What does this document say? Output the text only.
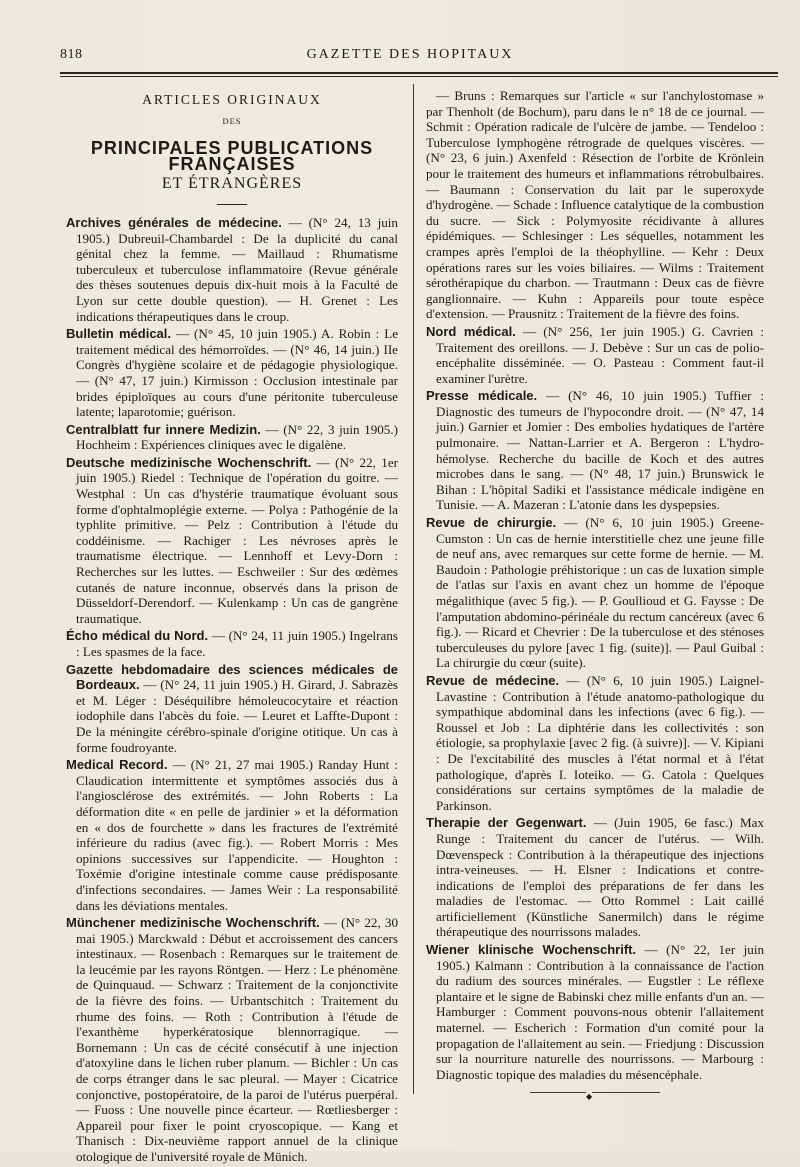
818	GAZETTE DES HOPITAUX
ARTICLES ORIGINAUX
DES
PRINCIPALES PUBLICATIONS FRANÇAISES
ET ÉTRANGÈRES

Archives générales de médecine. — (N° 24, 13 juin 1905.) Dubreuil-Chambardel : De la duplicité du canal génital chez la femme. — Maillaud : Rhumatisme tuberculeux et tuberculose inflammatoire (Revue générale des thèses soutenues depuis dix-huit mois à la Faculté de Lyon sur cette double question). — H. Grenet : Les indications thérapeutiques dans le croup.

Bulletin médical. — (N° 45, 10 juin 1905.) A. Robin : Le traitement médical des hémorroïdes. — (N° 46, 14 juin.) IIe Congrès d'hygiène scolaire et de pédagogie physiologique. — (N° 47, 17 juin.) Kirmisson : Occlusion intestinale par brides épiploïques au cours d'une péritonite tuberculeuse latente; laparotomie; guérison.

Centralblatt fur innere Medizin. — (N° 22, 3 juin 1905.) Hochheim : Expériences cliniques avec le digalène.

Deutsche medizinische Wochenschrift. — (N° 22, 1er juin 1905.) Riedel : Technique de l'opération du goitre. — Westphal : Un cas d'hystérie traumatique évoluant sous forme d'ophtalmoplégie externe. — Polya : Pathogénie de la typhlite primitive. — Pelz : Contribution à l'étude du coddéinisme. — Rachiger : Les névroses après le traumatisme électrique. — Lennhoff et Levy-Dorn : Recherches sur les luttes. — Eschweiler : Sur des œdèmes cutanés de nature inconnue, observés dans la prison de Düsseldorf-Derendorf. — Kulenkamp : Un cas de gangrène traumatique.

Écho médical du Nord. — (N° 24, 11 juin 1905.) Ingelrans : Les spasmes de la face.

Gazette hebdomadaire des sciences médicales de Bordeaux. — (N° 24, 11 juin 1905.) H. Girard, J. Sabrazès et M. Léger : Déséquilibre hémoleucocytaire et réaction iodophile dans l'abcès du foie. — Leuret et Laffte-Dupont : De la méningite cérébro-spinale d'origine otitique. Un cas à forme foudroyante.

Medical Record. — (N° 21, 27 mai 1905.) Randay Hunt : Claudication intermittente et symptômes associés dus à l'angiosclérose des extrémités. — John Roberts : La déformation dite « en pelle de jardinier » et la déformation en « dos de fourchette » dans les fractures de l'extrémité inférieure du radius (avec fig.). — Robert Morris : Mes opinions successives sur l'appendicite. — Houghton : Toxémie d'origine intestinale comme cause prédisposante d'infections secondaires. — James Weir : La responsabilité dans les déviations mentales.

Münchener medizinische Wochenschrift. — (N° 22, 30 mai 1905.) Marckwald : Début et accroissement des cancers intestinaux. — Rosenbach : Remarques sur le traitement de la leucémie par les rayons Röntgen. — Herz : Le phénomène de Quinquaud. — Schwarz : Traitement de la conjonctivite de la fièvre des foins. — Urbantschitch : Traitement du rhume des foins. — Roth : Contribution à l'étude de l'exanthème hyperkératosique blennorragique. — Bornemann : Un cas de cécité consécutif à une injection d'atoxyline dans le lichen ruber planum. — Bichler : Un cas de corps étranger dans le sac pleural. — Mayer : Cicatrice conjonctive, postopératoire, de la paroi de l'utérus puerpéral. — Fuoss : Une nouvelle pince écarteur. — Rœtliesberger : Appareil pour fixer le point cryoscopique. — Kang et Thanisch : Dix-neuvième rapport annuel de la clinique otologique de l'université royale de Münich.

— Bruns : Remarques sur l'article « sur l'anchylostomase » par Thenholt (de Bochum), paru dans le n° 18 de ce journal. — Schmit : Opération radicale de l'ulcère de jambe. — Tendeloo : Tuberculose lymphogène rétrograde de quelques viscères. — (N° 23, 6 juin.) Axenfeld : Résection de l'orbite de Krönlein pour le traitement des humeurs et inflammations rétrobulbaires. — Baumann : Conservation du lait par le superoxyde d'hydrogène. — Schade : Influence catalytique de la combustion du sucre. — Sick : Polymyosite récidivante à allures épidémiques. — Schlesinger : Les séquelles, notamment les crampes après l'emploi de la théophylline. — Kehr : Deux opérations rares sur les voies biliaires. — Wilms : Traitement sérothérapique du charbon. — Trautmann : Deux cas de fièvre ganglionnaire. — Kuhn : Appareils pour toute espèce d'extension. — Prausnitz : Traitement de la fièvre des foins.

Nord médical. — (N° 256, 1er juin 1905.) G. Cavrien : Traitement des oreillons. — J. Debève : Sur un cas de polio-encéphalite disséminée. — O. Pasteau : Comment faut-il examiner l'urètre.

Presse médicale. — (N° 46, 10 juin 1905.) Tuffier : Diagnostic des tumeurs de l'hypocondre droit. — (N° 47, 14 juin.) Garnier et Jomier : Des embolies hydatiques de l'artère pulmonaire. — Nattan-Larrier et A. Bergeron : L'hydro-hémolyse. Recherche du bacille de Koch et des autres microbes dans le sang. — (N° 48, 17 juin.) Brunswick le Bihan : L'hôpital Sadiki et l'assistance médicale indigène en Tunisie. — A. Mazeran : L'atonie dans les dyspepsies.

Revue de chirurgie. — (N° 6, 10 juin 1905.) Greene-Cumston : Un cas de hernie interstitielle chez une jeune fille de neuf ans, avec remarques sur cette forme de hernie. — M. Baudoin : Pathologie préhistorique : un cas de luxation simple de l'atlas sur l'axis en avant chez un homme de l'époque mégalithique (avec 5 fig.). — P. Goullioud et G. Faysse : De l'amputation abdomino-périnéale du rectum cancéreux (avec 6 fig.). — Ricard et Chevrier : De la tuberculose et des sténoses tuberculeuses du pylore [avec 1 fig. (suite)]. — Paul Guibal : La chirurgie du cœur (suite).

Revue de médecine. — (N° 6, 10 juin 1905.) Laignel-Lavastine : Contribution à l'étude anatomo-pathologique du sympathique abdominal dans les infections (avec 6 fig.). — Roussel et Job : La diphtérie dans les collectivités : son étiologie, sa prophylaxie [avec 2 fig. (à suivre)]. — V. Kipiani : De l'excitabilité des muscles à l'état normal et à l'état pathologique, d'après I. Ioteiko. — G. Catola : Quelques considérations sur certains symptômes de la maladie de Parkinson.

Therapie der Gegenwart. — (Juin 1905, 6e fasc.) Max Runge : Traitement du cancer de l'utérus. — Wilh. Dœvenspeck : Contribution à la thérapeutique des injections intra-veineuses. — H. Elsner : Indications et contre-indications de l'emploi des préparations de fer dans les maladies de l'estomac. — Otto Rommel : Lait caillé artificiellement (Künstliche Sanermilch) dans le régime thérapeutique des nourrissons malades.

Wiener klinische Wochenschrift. — (N° 22, 1er juin 1905.) Kalmann : Contribution à la connaissance de l'action du radium des sources minérales. — Eugstler : Le réflexe plantaire et le signe de Babinski chez mille enfants d'un an. — Hamburger : Comment pouvons-nous obtenir l'allaitement maternel. — Escherich : Formation d'un comité pour la propagation de l'allaitement au sein. — Friedjung : Discussion sur la nourriture naturelle des nourrissons. — Marbourg : Diagnostic topique des maladies du mésencéphale.

◆
